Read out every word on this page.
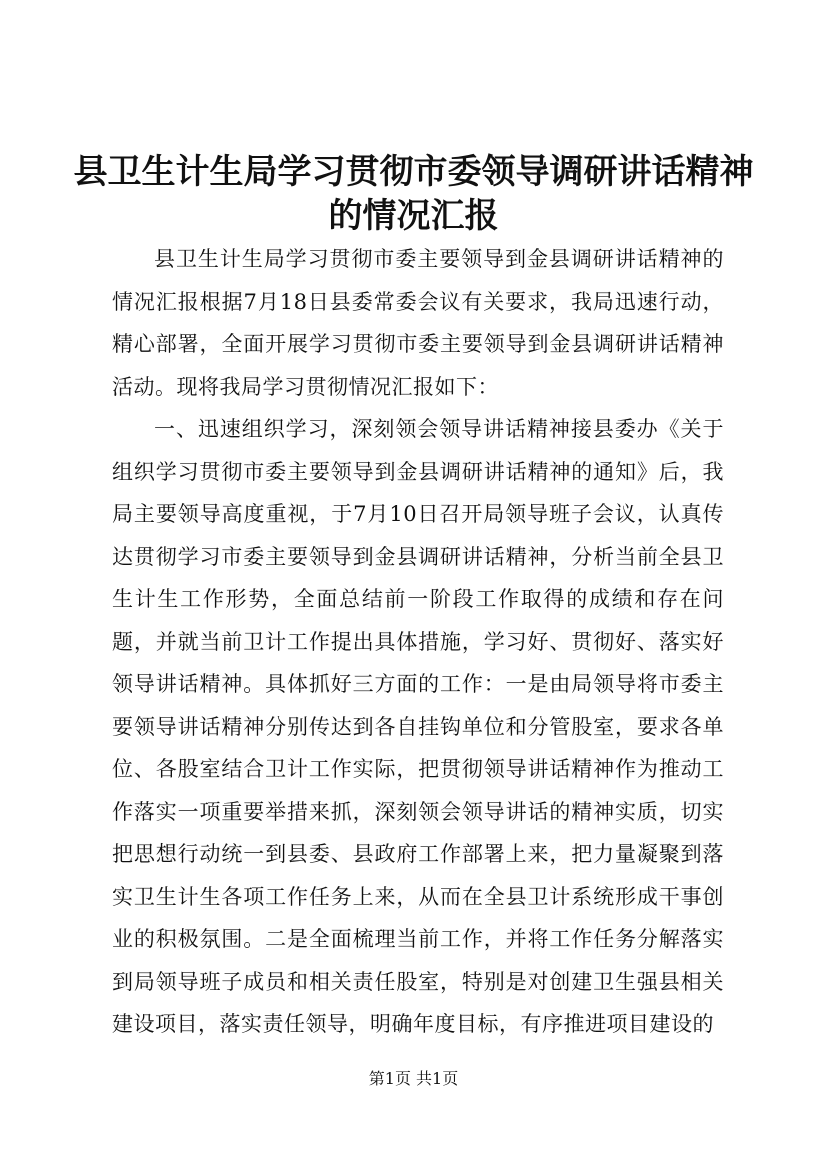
县卫生计生局学习贯彻市委领导调研讲话精神
的情况汇报

县卫生计生局学习贯彻市委主要领导到金县调研讲话精神的情况汇报根据7月18日县委常委会议有关要求，我局迅速行动，精心部署，全面开展学习贯彻市委主要领导到金县调研讲话精神活动。现将我局学习贯彻情况汇报如下：

一、迅速组织学习，深刻领会领导讲话精神接县委办《关于组织学习贯彻市委主要领导到金县调研讲话精神的通知》后，我局主要领导高度重视，于7月10日召开局领导班子会议，认真传达贯彻学习市委主要领导到金县调研讲话精神，分析当前全县卫生计生工作形势，全面总结前一阶段工作取得的成绩和存在问题，并就当前卫计工作提出具体措施，学习好、贯彻好、落实好领导讲话精神。具体抓好三方面的工作：一是由局领导将市委主要领导讲话精神分别传达到各自挂钩单位和分管股室，要求各单位、各股室结合卫计工作实际，把贯彻领导讲话精神作为推动工作落实一项重要举措来抓，深刻领会领导讲话的精神实质，切实把思想行动统一到县委、县政府工作部署上来，把力量凝聚到落实卫生计生各项工作任务上来，从而在全县卫计系统形成干事创业的积极氛围。二是全面梳理当前工作，并将工作任务分解落实到局领导班子成员和相关责任股室，特别是对创建卫生强县相关建设项目，落实责任领导，明确年度目标，有序推进项目建设的

第1页 共1页
